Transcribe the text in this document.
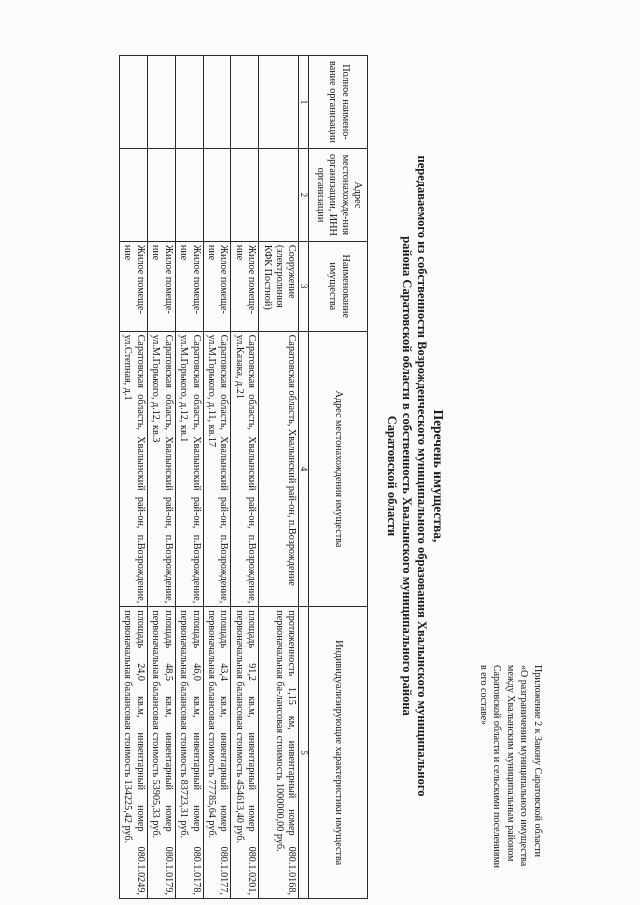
Приложение 2 к Закону Саратовской области
«О разграничении муниципального имущества
между Хвалынским муниципальным районом
Саратовской области и сельскими поселениями
в его составе»
Перечень имущества,
передаваемого из собственности Возрожденческого муниципального образования Хвалынского муниципального
района Саратовской области в собственность Хвалынского муниципального района
Саратовской области
Полное наимено-вание организации	Адрес местонахожде-ния организации, ИНН организации	Наименование имущества	Адрес местонахождения имущества	Индивидуализирующие характеристики имущества
1	2	3	4	5
		Сооружение (электролиния КФК Постной)	Саратовская область, Хвалынский рай-он, п.Возрождение	протяженность 1,15 км, инвентарный номер 080.1.0168, первоначальная ба-лансовая стоимость 1000000,00 руб.
		Жилое помеще-ние	Саратовская область, Хвалынский рай-он, п.Возрождение, ул.Казака, д.21	площадь 91,2 кв.м, инвентарный номер 080.1.0201, первоначальная балансовая стоимость 454613,40 руб.
		Жилое помеще-ние	Саратовская область, Хвалынский рай-он, п.Возрождение, ул.М.Горького, д.11, кв.17	площадь 43,4 кв.м, инвентарный номер 080.1.0177, первоначальная балансовая стоимость 77785,64 руб.
		Жилое помеще-ние	Саратовская область, Хвалынский рай-он, п.Возрождение, ул.М.Горького, д.12, кв.1	площадь 46,0 кв.м, инвентарный номер 080.1.0178, первоначальная балансовая стоимость 83723,31 руб.
		Жилое помеще-ние	Саратовская область, Хвалынский рай-он, п.Возрождение, ул.М.Горького, д.12, кв.3	площадь 48,5 кв.м, инвентарный номер 080.1.0179, первоначальная балансовая стоимость 53905,33 руб.
		Жилое помеще-ние	Саратовская область, Хвалынский рай-он, п.Возрождение, ул.Степная, д.1	площадь 24,0 кв.м, инвентарный номер 080.1.0249, первоначальная балансовая стоимость 134225,42 руб.
